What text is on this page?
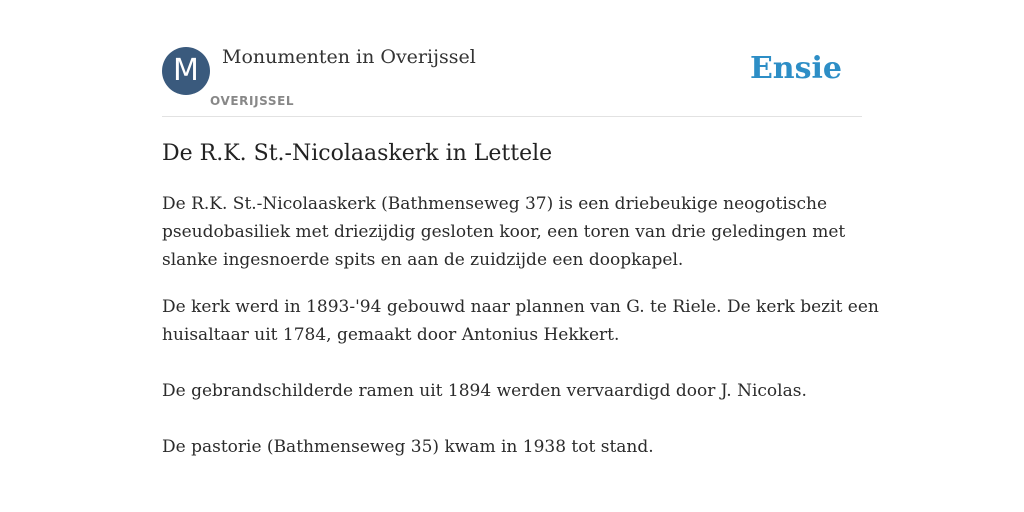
M	Monumenten in Overijssel
OVERIJSSEL
Ensie
De R.K. St.-Nicolaaskerk in Lettele

De R.K. St.-Nicolaaskerk (Bathmenseweg 37) is een driebeukige neogotische
pseudobasiliek met driezijdig gesloten koor, een toren van drie geledingen met
slanke ingesnoerde spits en aan de zuidzijde een doopkapel.

De kerk werd in 1893-'94 gebouwd naar plannen van G. te Riele. De kerk bezit een
huisaltaar uit 1784, gemaakt door Antonius Hekkert.

De gebrandschilderde ramen uit 1894 werden vervaardigd door J. Nicolas.

De pastorie (Bathmenseweg 35) kwam in 1938 tot stand.
